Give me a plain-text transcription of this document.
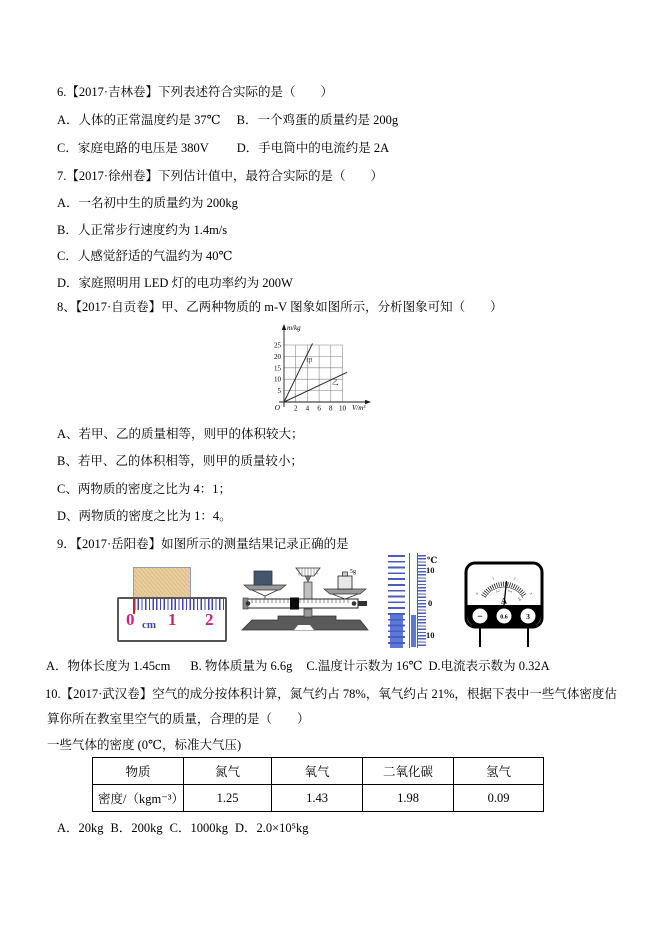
6.【2017·吉林卷】下列表述符合实际的是（　　）
A．人体的正常温度约是 37℃ B．一个鸡蛋的质量约是 200g
C．家庭电路的电压是 380V D．手电筒中的电流约是 2A
7.【2017·徐州卷】下列估计值中，最符合实际的是（　　）
A．一名初中生的质量约为 200kg
B．人正常步行速度约为 1.4m/s
C．人感觉舒适的气温约为 40℃
D．家庭照明用 LED 灯的电功率约为 200W
8、【2017·自贡卷】甲、乙两种物质的 m-V 图象如图所示，分析图象可知（　　）
m/kg
V/m³
O
5
10
15
20
25
2 4 6 8 10
甲
乙
A、若甲、乙的质量相等，则甲的体积较大；
B、若甲、乙的体积相等，则甲的质量较小；
C、两物质的密度之比为 4：1；
D、两物质的密度之比为 1：4。
9．【2017·岳阳卷】如图所示的测量结果记录正确的是
0 cm 1 2
5g
℃
10
0
10
0
1	2
3
0.2 0.4
0.6
A
−	0.6 3
A．物体长度为 1.45cm B. 物体质量为 6.6g C.温度计示数为 16℃ D.电流表示数为 0.32A
10.【2017·武汉卷】空气的成分按体积计算，氮气约占 78%，氧气约占 21%，根据下表中一些气体密度估
算你所在教室里空气的质量，合理的是（　　）
一些气体的密度 (0℃，标准大气压)
物质	氮气	氧气	二氧化碳	氢气
密度/（kgm⁻³）	1.25	1.43	1.98	0.09
A．20kg B．200kg C．1000kg D．2.0×10⁵kg
